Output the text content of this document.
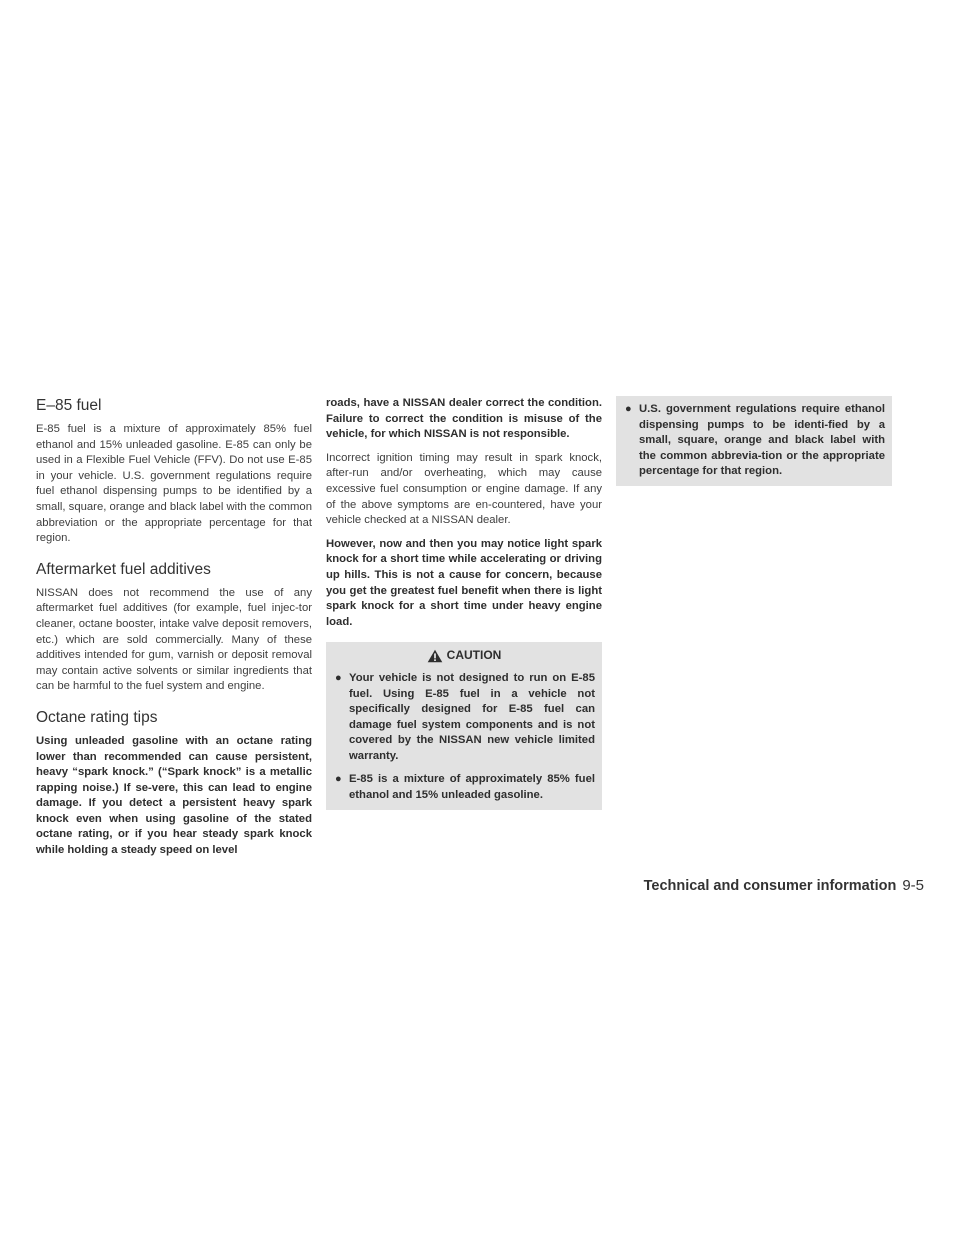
E–85 fuel

E-85 fuel is a mixture of approximately 85% fuel ethanol and 15% unleaded gasoline. E-85 can only be used in a Flexible Fuel Vehicle (FFV). Do not use E-85 in your vehicle. U.S. government regulations require fuel ethanol dispensing pumps to be identified by a small, square, orange and black label with the common abbreviation or the appropriate percentage for that region.

Aftermarket fuel additives

NISSAN does not recommend the use of any aftermarket fuel additives (for example, fuel injec-tor cleaner, octane booster, intake valve deposit removers, etc.) which are sold commercially. Many of these additives intended for gum, varnish or deposit removal may contain active solvents or similar ingredients that can be harmful to the fuel system and engine.

Octane rating tips

Using unleaded gasoline with an octane rating lower than recommended can cause persistent, heavy “spark knock.” (“Spark knock” is a metallic rapping noise.) If se-vere, this can lead to engine damage. If you detect a persistent heavy spark knock even when using gasoline of the stated octane rating, or if you hear steady spark knock while holding a steady speed on level

roads, have a NISSAN dealer correct the condition. Failure to correct the condition is misuse of the vehicle, for which NISSAN is not responsible.

Incorrect ignition timing may result in spark knock, after-run and/or overheating, which may cause excessive fuel consumption or engine damage. If any of the above symptoms are en-countered, have your vehicle checked at a NISSAN dealer.

However, now and then you may notice light spark knock for a short time while accelerating or driving up hills. This is not a cause for concern, because you get the greatest fuel benefit when there is light spark knock for a short time under heavy engine load.

CAUTION
● Your vehicle is not designed to run on E-85 fuel. Using E-85 fuel in a vehicle not specifically designed for E-85 fuel can damage fuel system components and is not covered by the NISSAN new vehicle limited warranty.
● E-85 is a mixture of approximately 85% fuel ethanol and 15% unleaded gasoline.
● U.S. government regulations require ethanol dispensing pumps to be identi-fied by a small, square, orange and black label with the common abbrevia-tion or the appropriate percentage for that region.
Technical and consumer information 9-5
